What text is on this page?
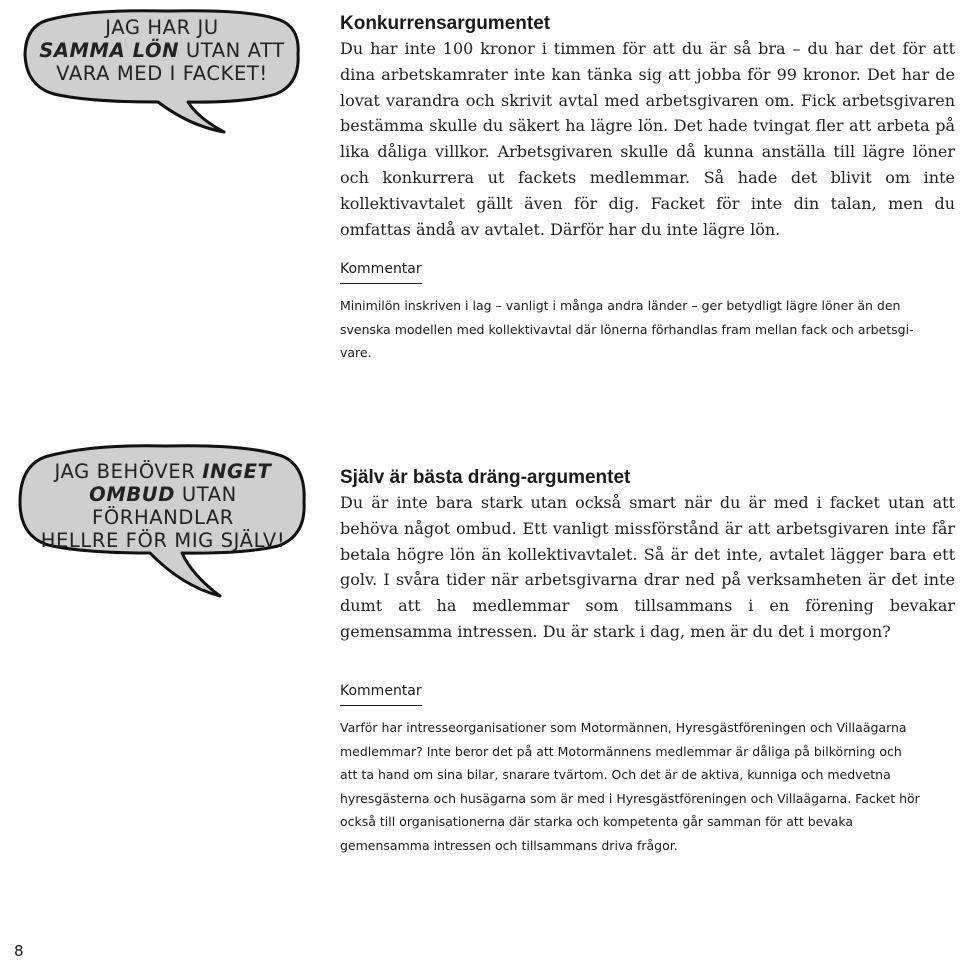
JAG HAR JU
SAMMA LÖN UTAN ATT
VARA MED I FACKET!
Konkurrensargumentet

Du har inte 100 kronor i timmen för att du är så bra – du har det för att dina arbetskamrater inte kan tänka sig att jobba för 99 kronor. Det har de lovat varandra och skrivit avtal med arbetsgivaren om. Fick arbetsgivaren bestämma skulle du säkert ha lägre lön. Det hade tvingat fler att arbeta på lika dåliga villkor. Arbetsgivaren skulle då kunna anställa till lägre löner och konkurrera ut fackets medlemmar. Så hade det blivit om inte kollektivavtalet gällt även för dig. Facket för inte din talan, men du omfattas ändå av avtalet. Därför har du inte lägre lön.

Kommentar

Minimilön inskriven i lag – vanligt i många andra länder – ger betydligt lägre löner än den svenska modellen med kollektivavtal där lönerna förhandlas fram mellan fack och arbetsgivare.

JAG BEHÖVER INGET
OMBUD UTAN FÖRHANDLAR
HELLRE FÖR MIG SJÄLV!
Själv är bästa dräng-argumentet

Du är inte bara stark utan också smart när du är med i facket utan att behöva något ombud. Ett vanligt missförstånd är att arbetsgivaren inte får betala högre lön än kollektivavtalet. Så är det inte, avtalet lägger bara ett golv. I svåra tider när arbetsgivarna drar ned på verksamheten är det inte dumt att ha medlemmar som tillsammans i en förening bevakar gemensamma intressen. Du är stark i dag, men är du det i morgon?

Kommentar

Varför har intresseorganisationer som Motormännen, Hyresgästföreningen och Villaägarna medlemmar? Inte beror det på att Motormännens medlemmar är dåliga på bilkörning och att ta hand om sina bilar, snarare tvärtom. Och det är de aktiva, kunniga och medvetna hyresgästerna och husägarna som är med i Hyresgästföreningen och Villaägarna. Facket hör också till organisationerna där starka och kompetenta går samman för att bevaka gemensamma intressen och tillsammans driva frågor.

8
